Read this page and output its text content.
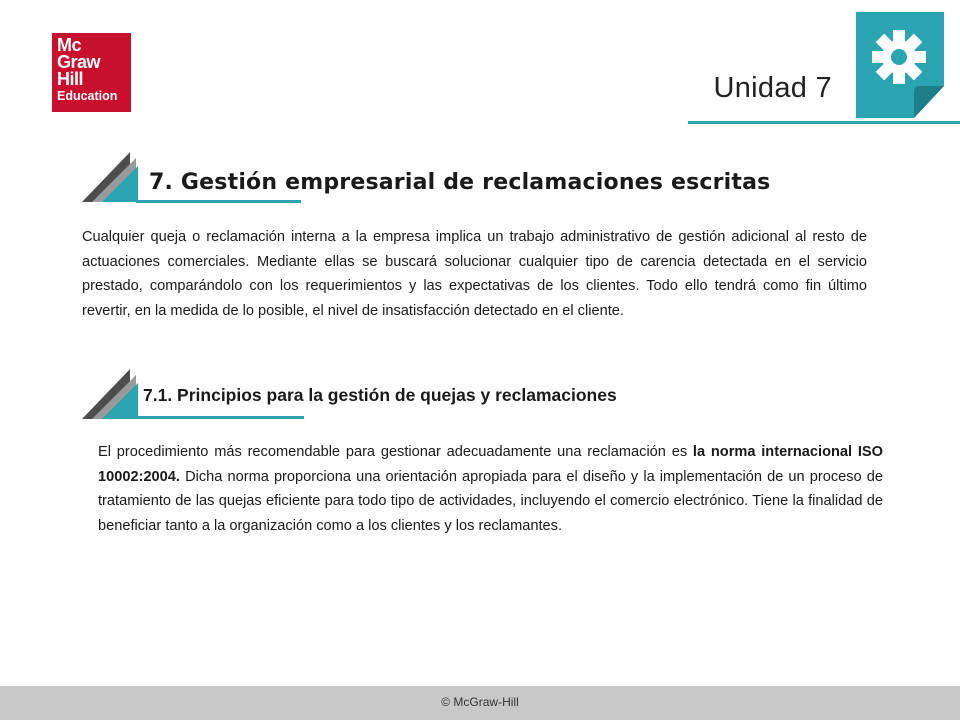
Mc
Graw
Hill
Education	Unidad 7
7. Gestión empresarial de reclamaciones escritas
Cualquier queja o reclamación interna a la empresa implica un trabajo administrativo de gestión adicional al resto de actuaciones comerciales. Mediante ellas se buscará solucionar cualquier tipo de carencia detectada en el servicio prestado, comparándolo con los requerimientos y las expectativas de los clientes. Todo ello tendrá como fin último revertir, en la medida de lo posible, el nivel de insatisfacción detectado en el cliente.
7.1. Principios para la gestión de quejas y reclamaciones
El procedimiento más recomendable para gestionar adecuadamente una reclamación es la norma internacional ISO 10002:2004. Dicha norma proporciona una orientación apropiada para el diseño y la implementación de un proceso de tratamiento de las quejas eficiente para todo tipo de actividades, incluyendo el comercio electrónico. Tiene la finalidad de beneficiar tanto a la organización como a los clientes y los reclamantes.
© McGraw-Hill
